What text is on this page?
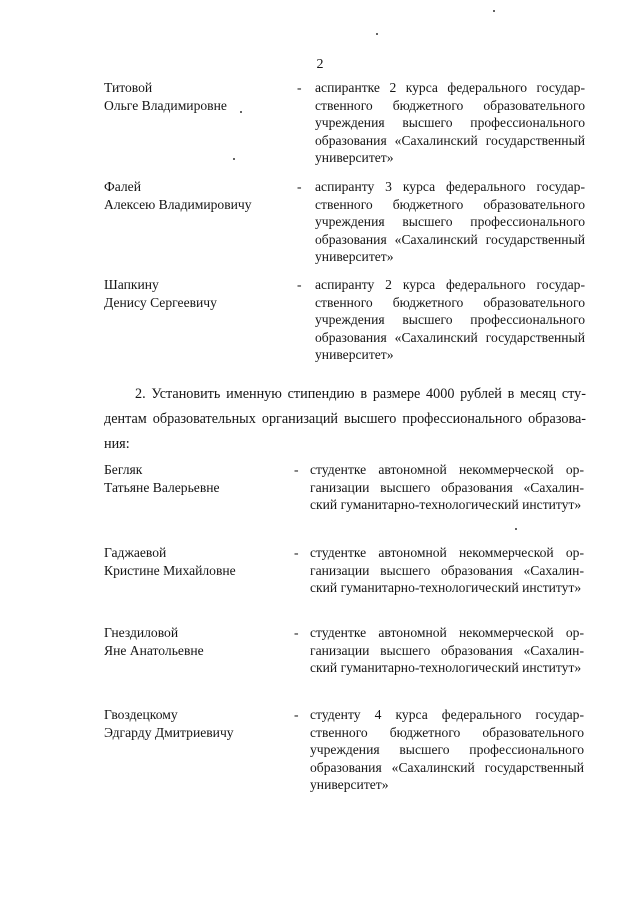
2
Титовой
Ольге Владимировне
- аспирантке 2 курса федерального государственного бюджетного образовательного учреждения высшего профессионального образования «Сахалинский государственный университет»
Фалей
Алексею Владимировичу
- аспиранту 3 курса федерального государственного бюджетного образовательного учреждения высшего профессионального образования «Сахалинский государственный университет»
Шапкину
Денису Сергеевичу
- аспиранту 2 курса федерального государственного бюджетного образовательного учреждения высшего профессионального образования «Сахалинский государственный университет»
2. Установить именную стипендию в размере 4000 рублей в месяц студентам образовательных организаций высшего профессионального образования:
Бегляк
Татьяне Валерьевне
- студентке автономной некоммерческой организации высшего образования «Сахалинский гуманитарно-технологический институт»
Гаджаевой
Кристине Михайловне
- студентке автономной некоммерческой организации высшего образования «Сахалинский гуманитарно-технологический институт»
Гнездиловой
Яне Анатольевне
- студентке автономной некоммерческой организации высшего образования «Сахалинский гуманитарно-технологический институт»
Гвоздецкому
Эдгарду Дмитриевичу
- студенту 4 курса федерального государственного бюджетного образовательного учреждения высшего профессионального образования «Сахалинский государственный университет»
